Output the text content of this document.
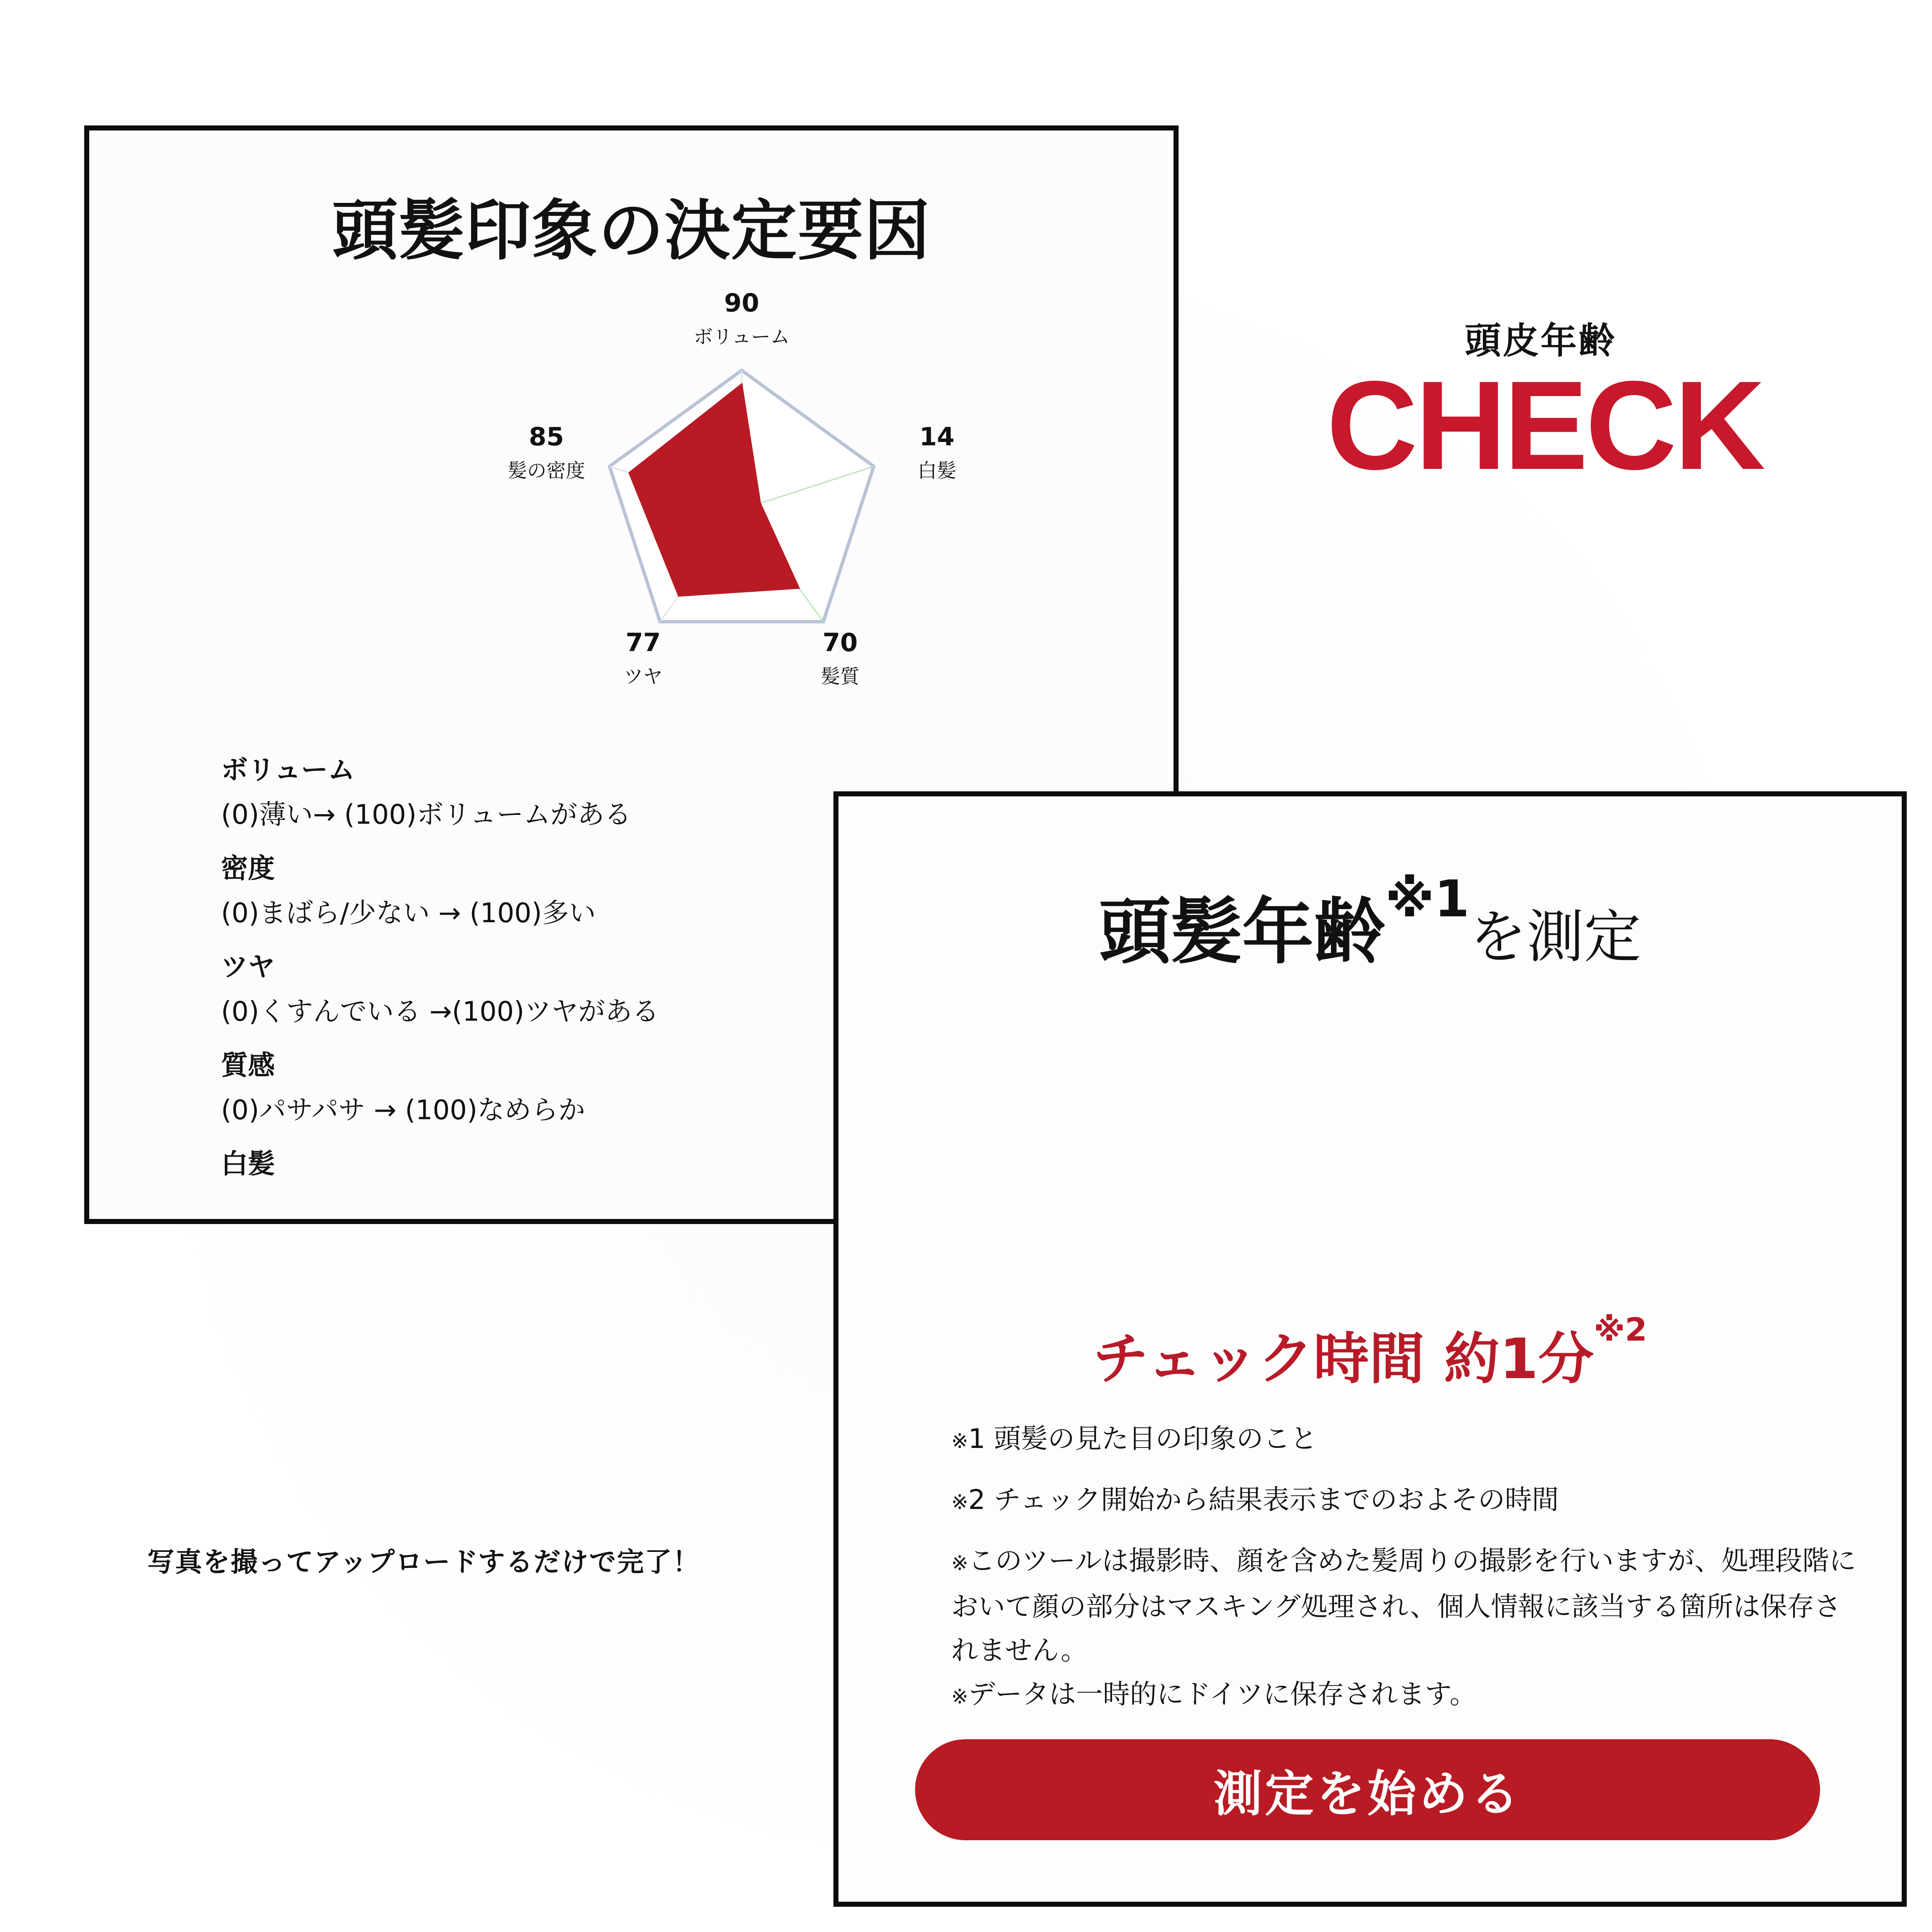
頭髪印象の決定要因
90
ボリューム
14
白髪
70
髪質
77
ツヤ
85
髪の密度
ボリューム
(0)薄い→ (100)ボリュームがある
密度
(0)まばら/少ない → (100)多い
ツヤ
(0)くすんでいる →(100)ツヤがある
質感
(0)パサパサ → (100)なめらか
白髪
頭皮年齢
CHECK
写真を撮ってアップロードするだけで完了！
頭髪年齢$^{※1}$を測定
チェック時間 約1分$^{※2}$
※1 頭髪の見た目の印象のこと
※2 チェック開始から結果表示までのおよその時間
※このツールは撮影時、顔を含めた髪周りの撮影を行いますが、処理段階において顔の部分はマスキング処理され、個人情報に該当する箇所は保存されません。
※データは一時的にドイツに保存されます。
測定を始める
